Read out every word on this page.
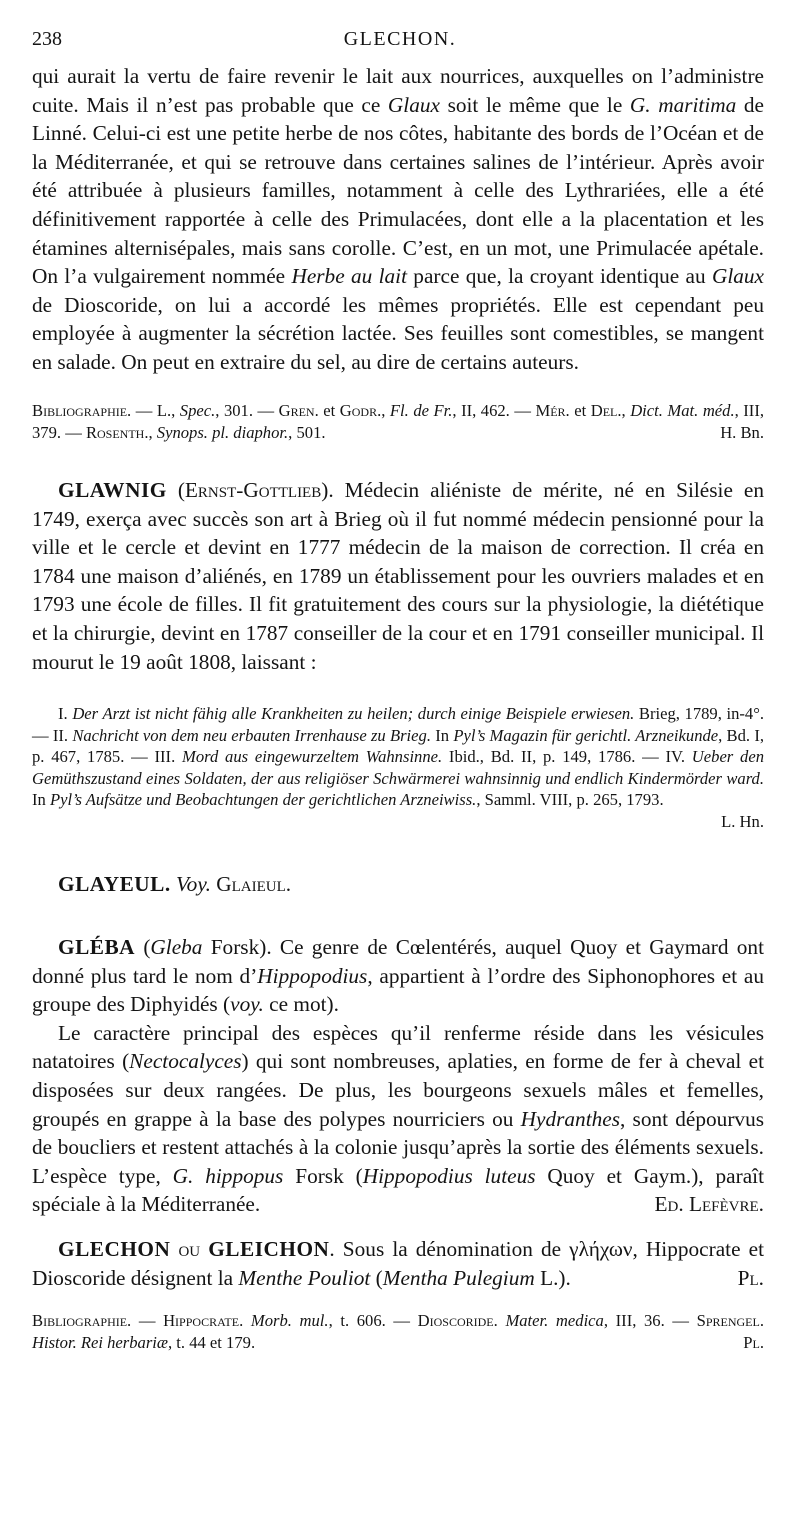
238	GLECHON.

qui aurait la vertu de faire revenir le lait aux nourrices, auxquelles on l’administre cuite. Mais il n’est pas probable que ce Glaux soit le même que le G. maritima de Linné. Celui-ci est une petite herbe de nos côtes, habitante des bords de l’Océan et de la Méditerranée, et qui se retrouve dans certaines salines de l’intérieur. Après avoir été attribuée à plusieurs familles, notamment à celle des Lythrariées, elle a été définitivement rapportée à celle des Primulacées, dont elle a la placentation et les étamines alternisépales, mais sans corolle. C’est, en un mot, une Primulacée apétale. On l’a vulgairement nommée Herbe au lait parce que, la croyant identique au Glaux de Dioscoride, on lui a accordé les mêmes propriétés. Elle est cependant peu employée à augmenter la sécrétion lactée. Ses feuilles sont comestibles, se mangent en salade. On peut en extraire du sel, au dire de certains auteurs.

Bibliographie. — L., Spec., 301. — Gren. et Godr., Fl. de Fr., II, 462. — Mér. et Del., Dict. Mat. méd., III, 379. — Rosenth., Synops. pl. diaphor., 501.	H. Bn.

GLAWNIG (Ernst-Gottlieb). Médecin aliéniste de mérite, né en Silésie en 1749, exerça avec succès son art à Brieg où il fut nommé médecin pensionné pour la ville et le cercle et devint en 1777 médecin de la maison de correction. Il créa en 1784 une maison d’aliénés, en 1789 un établissement pour les ouvriers malades et en 1793 une école de filles. Il fit gratuitement des cours sur la physiologie, la diététique et la chirurgie, devint en 1787 conseiller de la cour et en 1791 conseiller municipal. Il mourut le 19 août 1808, laissant :

I. Der Arzt ist nicht fähig alle Krankheiten zu heilen; durch einige Beispiele erwiesen. Brieg, 1789, in-4°. — II. Nachricht von dem neu erbauten Irrenhause zu Brieg. In Pyl’s Magazin für gerichtl. Arzneikunde, Bd. I, p. 467, 1785. — III. Mord aus eingewurzeltem Wahnsinne. Ibid., Bd. II, p. 149, 1786. — IV. Ueber den Gemüthszustand eines Soldaten, der aus religiöser Schwärmerei wahnsinnig und endlich Kindermörder ward. In Pyl’s Aufsätze und Beobachtungen der gerichtlichen Arzneiwiss., Samml. VIII, p. 265, 1793.

L. Hn.

GLAYEUL. Voy. Glaieul.

GLÉBA (Gleba Forsk). Ce genre de Cœlentérés, auquel Quoy et Gaymard ont donné plus tard le nom d’Hippopodius, appartient à l’ordre des Siphonophores et au groupe des Diphyidés (voy. ce mot).

Le caractère principal des espèces qu’il renferme réside dans les vésicules natatoires (Nectocalyces) qui sont nombreuses, aplaties, en forme de fer à cheval et disposées sur deux rangées. De plus, les bourgeons sexuels mâles et femelles, groupés en grappe à la base des polypes nourriciers ou Hydranthes, sont dépourvus de boucliers et restent attachés à la colonie jusqu’après la sortie des éléments sexuels. L’espèce type, G. hippopus Forsk (Hippopodius luteus Quoy et Gaym.), paraît spéciale à la Méditerranée.	Ed. Lefèvre.

GLECHON ou GLEICHON. Sous la dénomination de γλήχων, Hippocrate et Dioscoride désignent la Menthe Pouliot (Mentha Pulegium L.).	Pl.

Bibliographie. — Hippocrate. Morb. mul., t. 606. — Dioscoride. Mater. medica, III, 36. — Sprengel. Histor. Rei herbariæ, t. 44 et 179.	Pl.
